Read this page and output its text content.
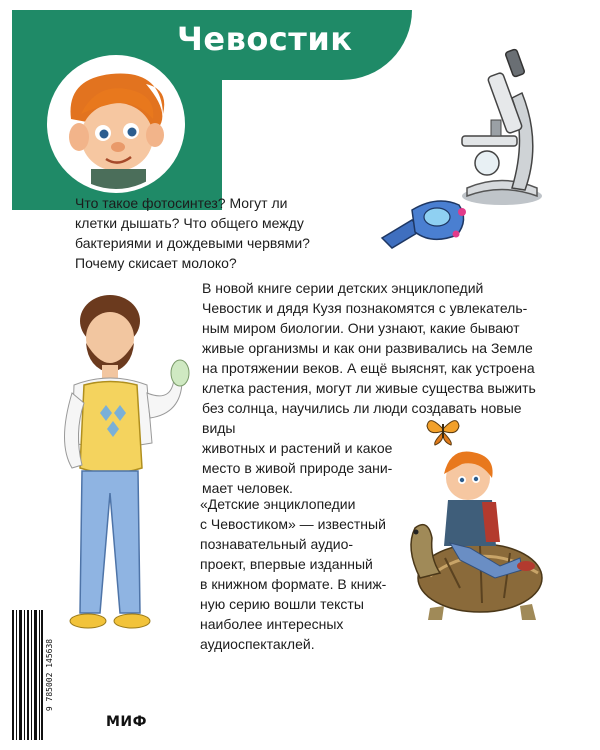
Чевостик

Что такое фотосинтез? Могут ли

клетки дышать? Что общего между

бактериями и дождевыми червями?

Почему скисает молоко?

В новой книге серии детских энциклопедий

Чевостик и дядя Кузя познакомятся с увлекатель-

ным миром биологии. Они узнают, какие бывают

живые организмы и как они развивались на Земле

на протяжении веков. А ещё выяснят, как устроена

клетка растения, могут ли живые существа выжить

без солнца, научились ли люди создавать новые виды

животных и растений и какое

место в живой природе зани-

мает человек.

«Детские энциклопедии

с Чевостиком» — известный

познавательный аудио-

проект, впервые изданный

в книжном формате. В книж-

ную серию вошли тексты

наиболее интересных

аудиоспектаклей.

9 785002 145638
МИФ
